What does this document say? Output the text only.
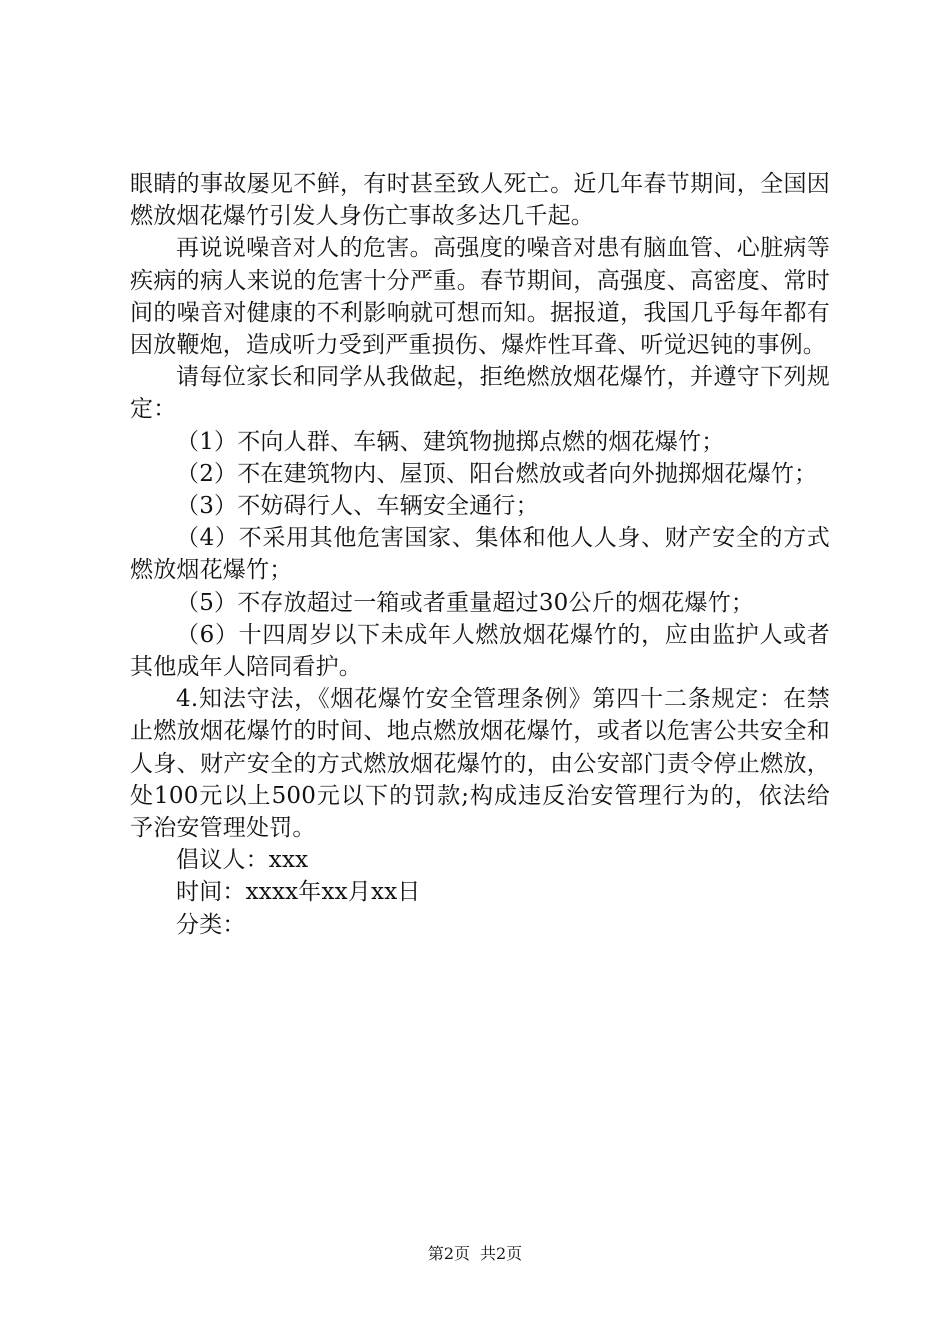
眼睛的事故屡见不鲜，有时甚至致人死亡。近几年春节期间，全国因燃放烟花爆竹引发人身伤亡事故多达几千起。

再说说噪音对人的危害。高强度的噪音对患有脑血管、心脏病等疾病的病人来说的危害十分严重。春节期间，高强度、高密度、常时间的噪音对健康的不利影响就可想而知。据报道，我国几乎每年都有因放鞭炮，造成听力受到严重损伤、爆炸性耳聋、听觉迟钝的事例。

请每位家长和同学从我做起，拒绝燃放烟花爆竹，并遵守下列规定：

（1）不向人群、车辆、建筑物抛掷点燃的烟花爆竹；

（2）不在建筑物内、屋顶、阳台燃放或者向外抛掷烟花爆竹；

（3）不妨碍行人、车辆安全通行；

（4）不采用其他危害国家、集体和他人人身、财产安全的方式燃放烟花爆竹；

（5）不存放超过一箱或者重量超过30公斤的烟花爆竹；

（6）十四周岁以下未成年人燃放烟花爆竹的，应由监护人或者其他成年人陪同看护。

4.知法守法，《烟花爆竹安全管理条例》第四十二条规定：在禁止燃放烟花爆竹的时间、地点燃放烟花爆竹，或者以危害公共安全和人身、财产安全的方式燃放烟花爆竹的，由公安部门责令停止燃放，处100元以上500元以下的罚款;构成违反治安管理行为的，依法给予治安管理处罚。

倡议人：xxx

时间：xxxx年xx月xx日

分类：

第2页 共2页
